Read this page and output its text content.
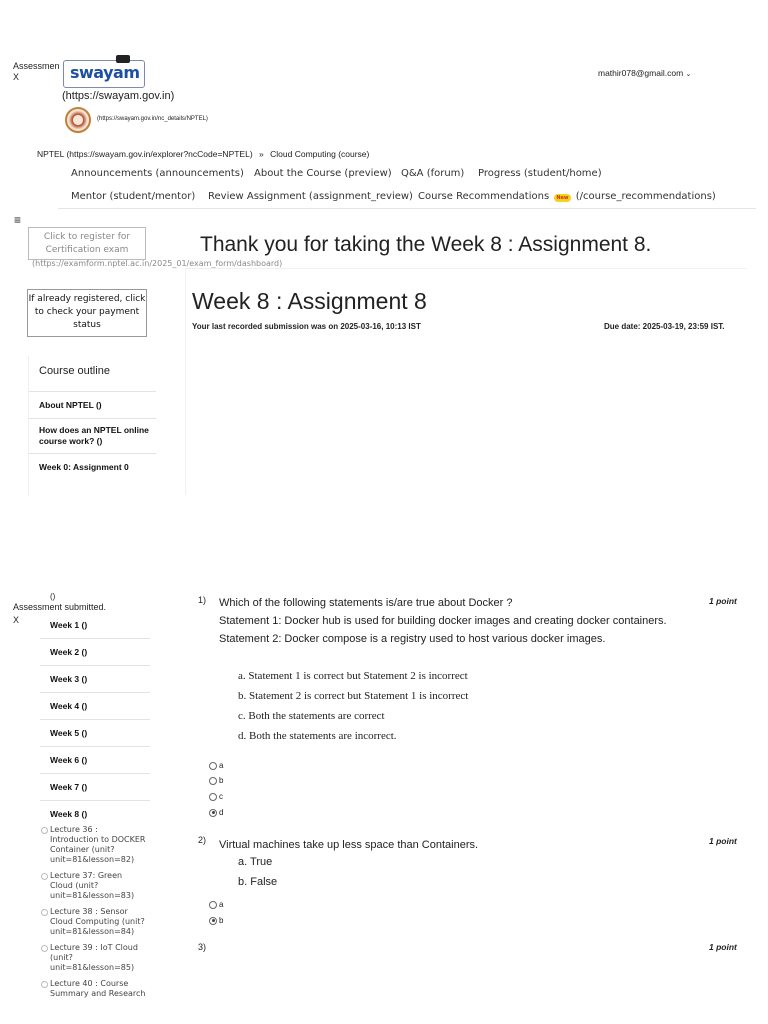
Assessmen
X	swayam
(https://swayam.gov.in)
(https://swayam.gov.in/nc_details/NPTEL)
mathir078@gmail.com ⌄
NPTEL (https://swayam.gov.in/explorer?ncCode=NPTEL) » Cloud Computing (course)
Announcements (announcements) About the Course (preview) Q&A (forum) Progress (student/home)
Mentor (student/mentor) Review Assignment (assignment_review) Course Recommendations New (/course_recommendations)
≡
Click to register for Certification exam
(https://examform.nptel.ac.in/2025_01/exam_form/dashboard)
If already registered, click to check your payment status
Course outline
About NPTEL ()
How does an NPTEL online course work? ()
Week 0: Assignment 0
Thank you for taking the Week 8 : Assignment 8.
Week 8 : Assignment 8
Your last recorded submission was on 2025-03-16, 10:13 IST	Due date: 2025-03-19, 23:59 IST.
()
Assessment submitted.
X	Week 1 ()
Week 2 ()
Week 3 ()
Week 4 ()
Week 5 ()
Week 6 ()
Week 7 ()
Week 8 ()
Lecture 36 : Introduction to DOCKER Container (unit?unit=81&lesson=82)
Lecture 37: Green Cloud (unit?unit=81&lesson=83)
Lecture 38 : Sensor Cloud Computing (unit?unit=81&lesson=84)
Lecture 39 : IoT Cloud (unit?unit=81&lesson=85)
Lecture 40 : Course Summary and Research
1)	1 point
Which of the following statements is/are true about Docker ?
Statement 1: Docker hub is used for building docker images and creating docker containers.
Statement 2: Docker compose is a registry used to host various docker images.
a. Statement 1 is correct but Statement 2 is incorrect
b. Statement 2 is correct but Statement 1 is incorrect
c. Both the statements are correct
d. Both the statements are incorrect.
a
b
c
d
2)	1 point
Virtual machines take up less space than Containers.
a. True
b. False
a
b
3)	1 point
